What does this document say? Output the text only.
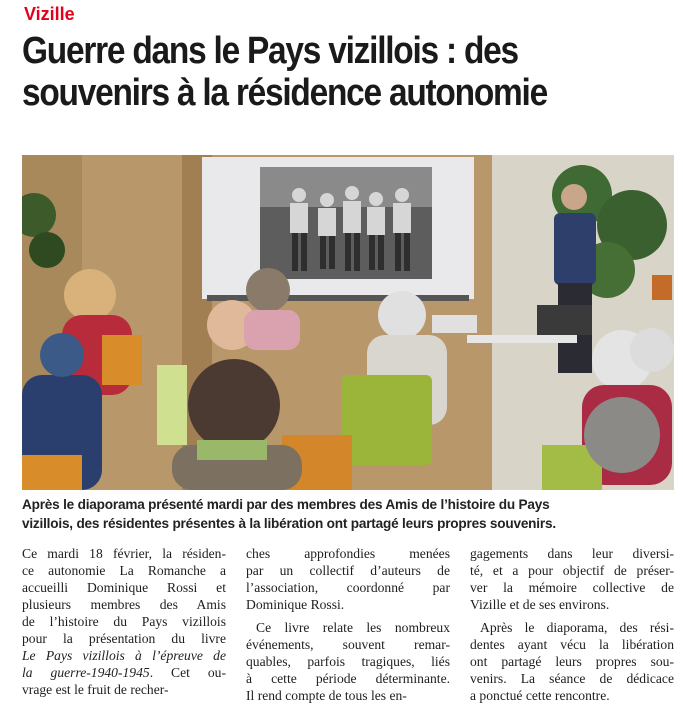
Vizille
Guerre dans le Pays vizillois : des
souvenirs à la résidence autonomie
Après le diaporama présenté mardi par des membres des Amis de l’histoire du Pays
vizillois, des résidentes présentes à la libération ont partagé leurs propres souvenirs.
Ce mardi 18 février, la résiden-
ce autonomie La Romanche a
accueilli Dominique Rossi et
plusieurs membres des Amis
de l’histoire du Pays vizillois
pour la présentation du livre
Le Pays vizillois à l’épreuve de
la guerre-1940-1945. Cet ou-
vrage est le fruit de recher-
ches approfondies menées
par un collectif d’auteurs de
l’association, coordonné par
Dominique Rossi.
Ce livre relate les nombreux
événements, souvent remar-
quables, parfois tragiques, liés
à cette période déterminante.
Il rend compte de tous les en-
gagements dans leur diversi-
té, et a pour objectif de préser-
ver la mémoire collective de
Vizille et de ses environs.
Après le diaporama, des rési-
dentes ayant vécu la libération
ont partagé leurs propres sou-
venirs. La séance de dédicace
a ponctué cette rencontre.
